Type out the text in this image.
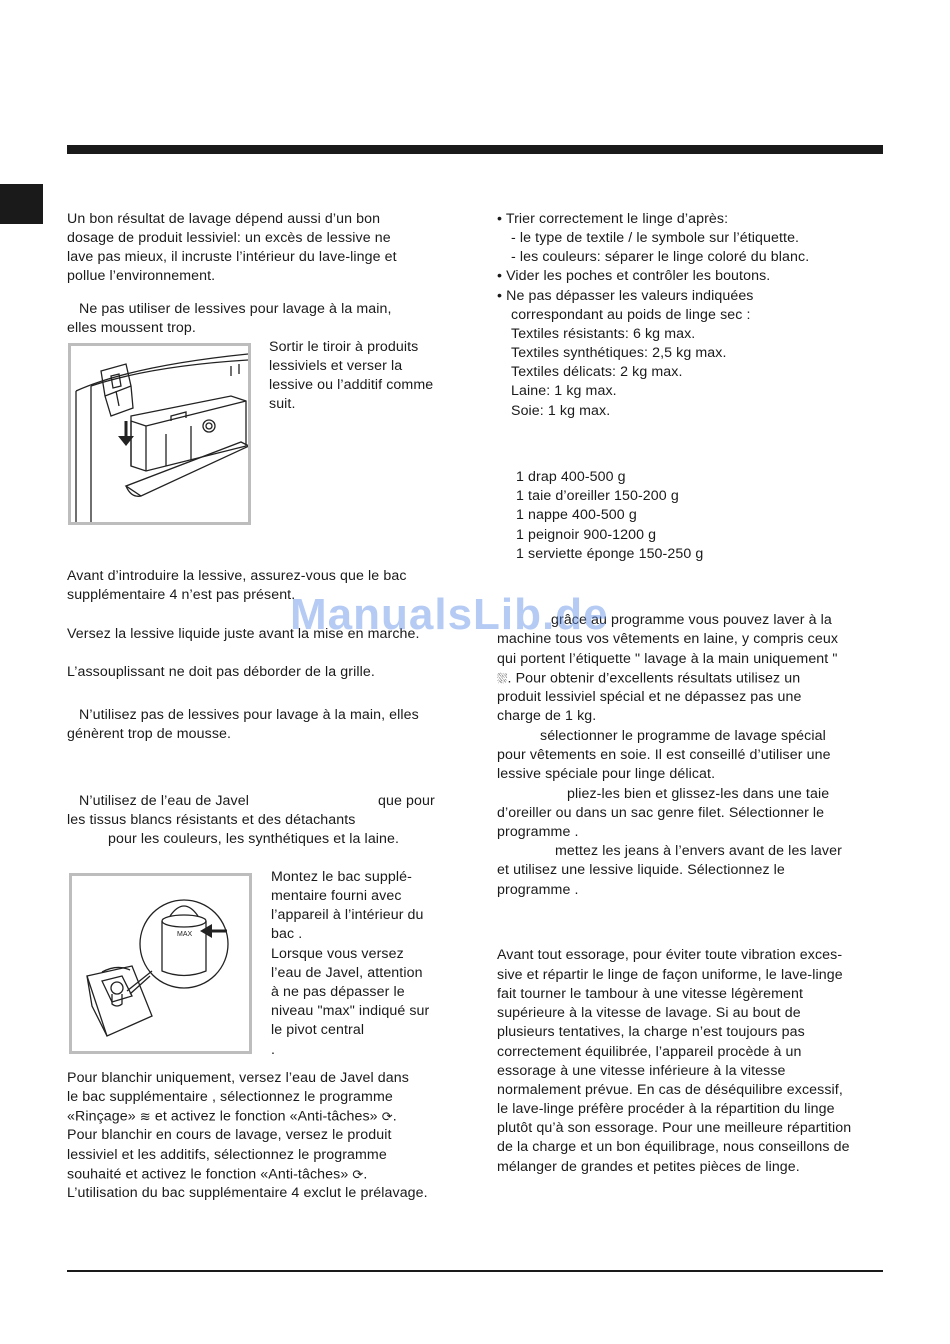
Un bon résultat de lavage dépend aussi d’un bon

dosage de produit lessiviel: un excès de lessive ne

lave pas mieux, il incruste l’intérieur du lave-linge et

pollue l’environnement.

Ne pas utiliser de lessives pour lavage à la main,

elles moussent trop.

Sortir le tiroir à produits

lessiviels et verser la

lessive ou l’additif comme

suit.

Avant d’introduire la lessive, assurez-vous que le bac

supplémentaire 4 n’est pas présent.

Versez la lessive liquide juste avant la mise en marche.

L’assouplissant ne doit pas déborder de la grille.

N’utilisez pas de lessives pour lavage à la main, elles

génèrent trop de mousse.

N’utilisez de l’eau de Javel	que pour

les tissus blancs résistants et des détachants

pour les couleurs, les synthétiques et la laine.

MAX

Montez le bac supplé-

mentaire fourni avec

l’appareil à l’intérieur du

bac .

Lorsque vous versez

l’eau de Javel, attention

à ne pas dépasser le

niveau "max" indiqué sur

le pivot central

.

Pour blanchir uniquement, versez l’eau de Javel dans

le bac supplémentaire , sélectionnez le programme

«Rinçage» ≋ et activez le fonction «Anti-tâches» ⟳.

Pour blanchir en cours de lavage, versez le produit

lessiviel et les additifs, sélectionnez le programme

souhaité et activez le fonction «Anti-tâches» ⟳.

L’utilisation du bac supplémentaire 4 exclut le prélavage.

• Trier correctement le linge d’après:

- le type de textile / le symbole sur l’étiquette.

- les couleurs: séparer le linge coloré du blanc.

• Vider les poches et contrôler les boutons.

• Ne pas dépasser les valeurs indiquées

correspondant au poids de linge sec :

Textiles résistants: 6 kg max.

Textiles synthétiques: 2,5 kg max.

Textiles délicats: 2 kg max.

Laine: 1 kg max.

Soie: 1 kg max.

1 drap 400-500 g

1 taie d’oreiller 150-200 g

1 nappe 400-500 g

1 peignoir 900-1200 g

1 serviette éponge 150-250 g

grâce au programme vous pouvez laver à la

machine tous vos vêtements en laine, y compris ceux

qui portent l’étiquette " lavage à la main uniquement "

⛆. Pour obtenir d’excellents résultats utilisez un

produit lessiviel spécial et ne dépassez pas une

charge de 1 kg.

sélectionner le programme de lavage spécial

pour vêtements en soie. Il est conseillé d’utiliser une

lessive spéciale pour linge délicat.

pliez-les bien et glissez-les dans une taie

d’oreiller ou dans un sac genre filet. Sélectionner le

programme .

mettez les jeans à l’envers avant de les laver

et utilisez une lessive liquide. Sélectionnez le

programme .

Avant tout essorage, pour éviter toute vibration exces-

sive et répartir le linge de façon uniforme, le lave-linge

fait tourner le tambour à une vitesse légèrement

supérieure à la vitesse de lavage. Si au bout de

plusieurs tentatives, la charge n’est toujours pas

correctement équilibrée, l’appareil procède à un

essorage à une vitesse inférieure à la vitesse

normalement prévue. En cas de déséquilibre excessif,

le lave-linge préfère procéder à la répartition du linge

plutôt qu’à son essorage. Pour une meilleure répartition

de la charge et un bon équilibrage, nous conseillons de

mélanger de grandes et petites pièces de linge.

ManualsLib.de
